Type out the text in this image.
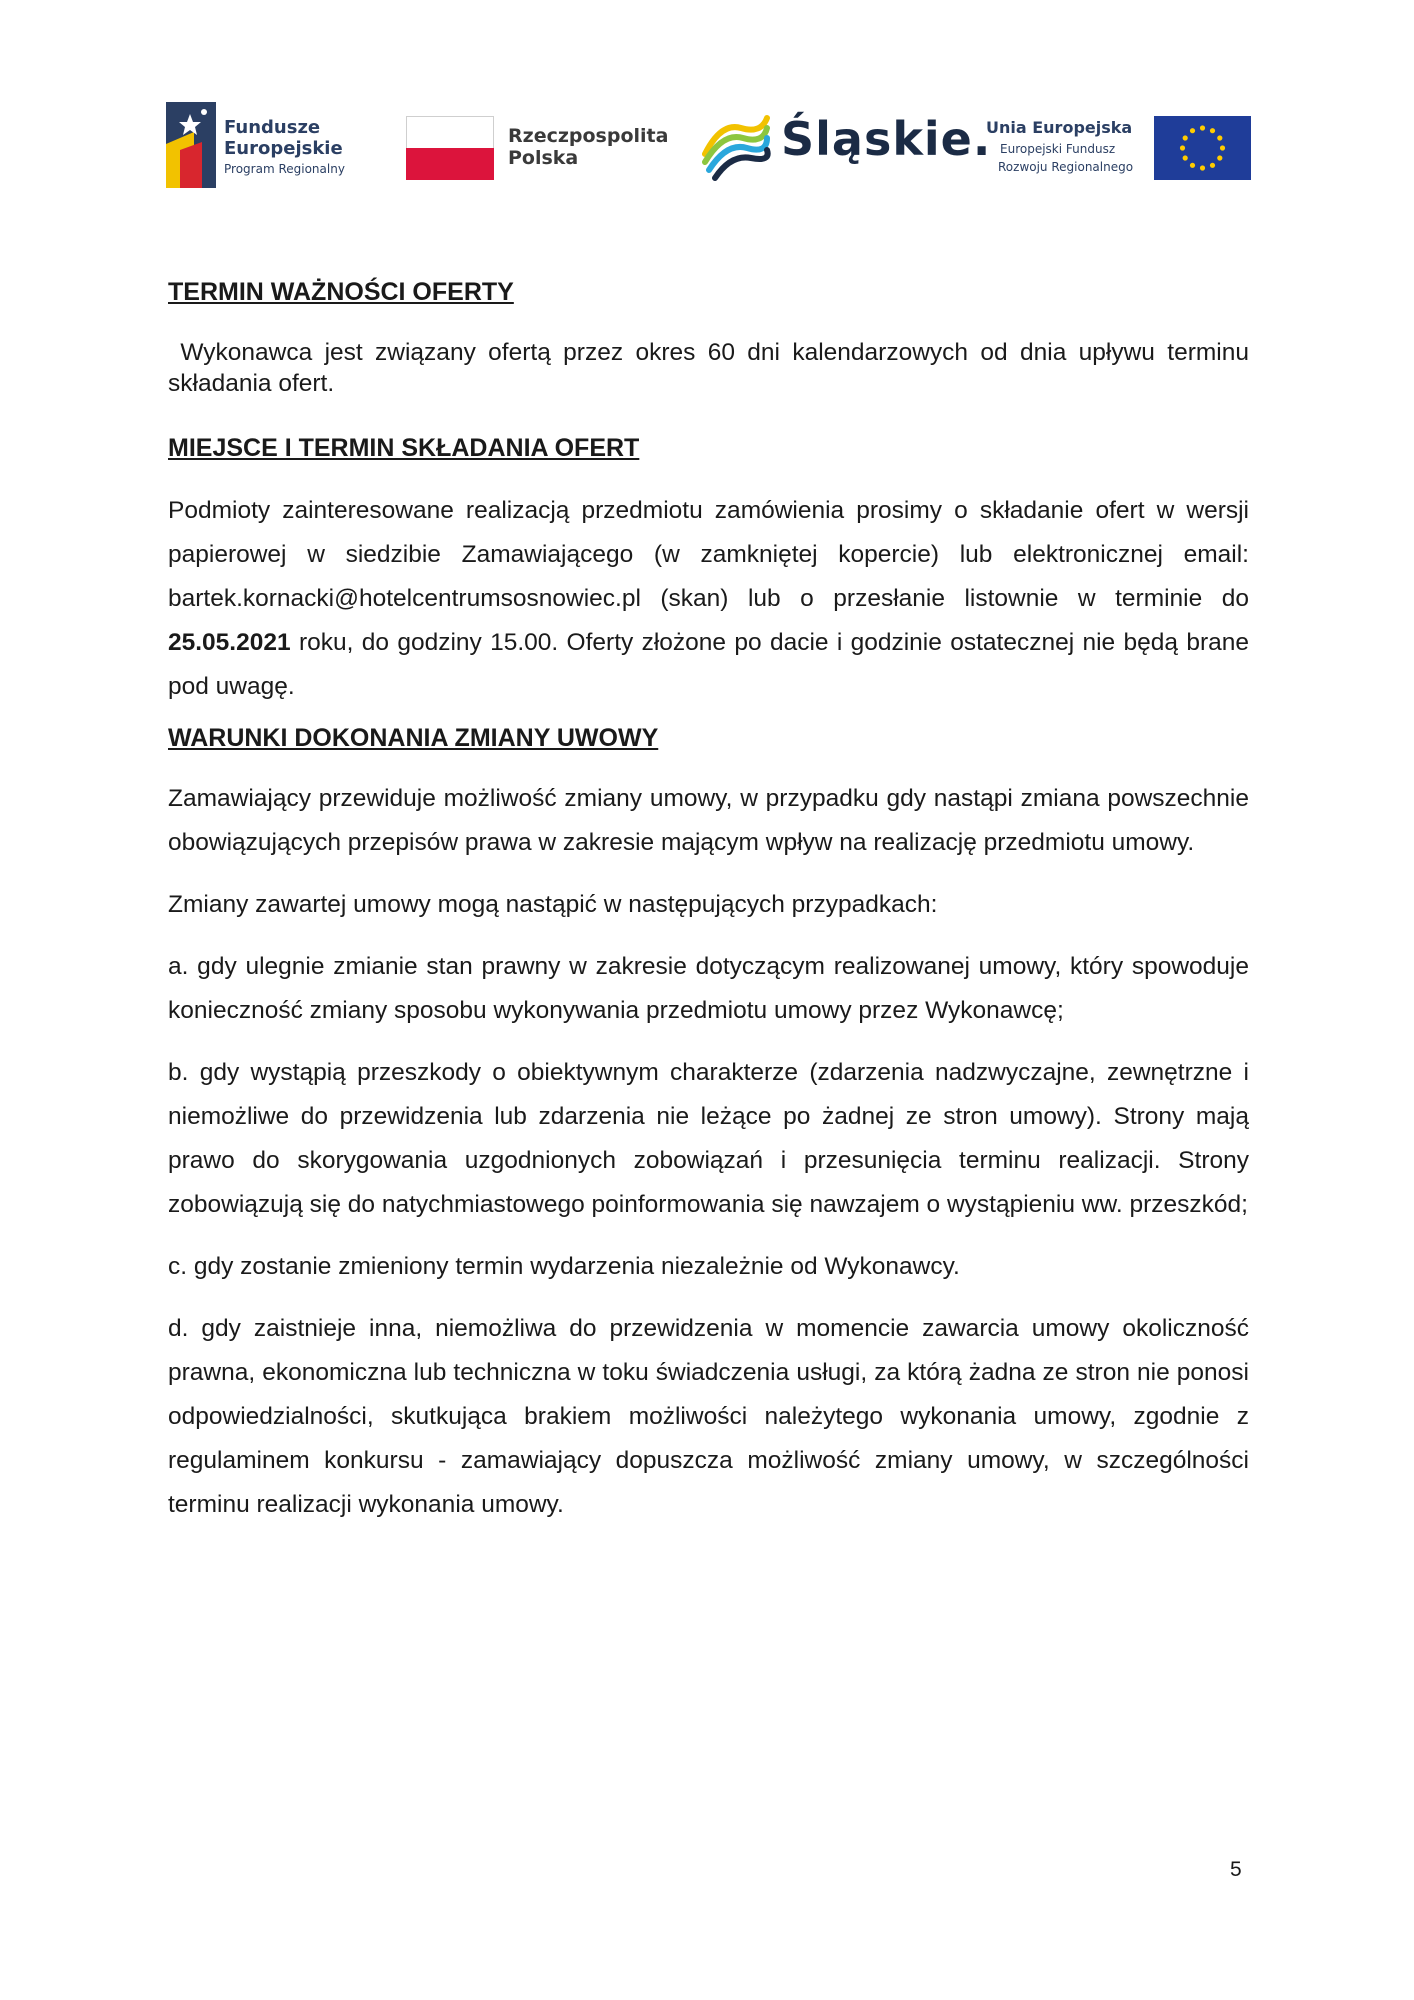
Fundusze
Europejskie
Program Regionalny
Rzeczpospolita
Polska	Śląskie.
Unia Europejska
Europejski Fundusz
Rozwoju Regionalnego
TERMIN WAŻNOŚCI OFERTY

Wykonawca jest związany ofertą przez okres 60 dni kalendarzowych od dnia upływu terminu składania ofert.

MIEJSCE I TERMIN SKŁADANIA OFERT

Podmioty zainteresowane realizacją przedmiotu zamówienia prosimy o składanie ofert w wersji papierowej w siedzibie Zamawiającego (w zamkniętej kopercie) lub elektronicznej email: bartek.kornacki@hotelcentrumsosnowiec.pl (skan) lub o przesłanie listownie w terminie do 25.05.2021 roku, do godziny 15.00. Oferty złożone po dacie i godzinie ostatecznej nie będą brane pod uwagę.

WARUNKI DOKONANIA ZMIANY UWOWY

Zamawiający przewiduje możliwość zmiany umowy, w przypadku gdy nastąpi zmiana powszechnie obowiązujących przepisów prawa w zakresie mającym wpływ na realizację przedmiotu umowy.

Zmiany zawartej umowy mogą nastąpić w następujących przypadkach:

a. gdy ulegnie zmianie stan prawny w zakresie dotyczącym realizowanej umowy, który spowoduje konieczność zmiany sposobu wykonywania przedmiotu umowy przez Wykonawcę;

b. gdy wystąpią przeszkody o obiektywnym charakterze (zdarzenia nadzwyczajne, zewnętrzne i niemożliwe do przewidzenia lub zdarzenia nie leżące po żadnej ze stron umowy). Strony mają prawo do skorygowania uzgodnionych zobowiązań i przesunięcia terminu realizacji. Strony zobowiązują się do natychmiastowego poinformowania się nawzajem o wystąpieniu ww. przeszkód;

c. gdy zostanie zmieniony termin wydarzenia niezależnie od Wykonawcy.

d. gdy zaistnieje inna, niemożliwa do przewidzenia w momencie zawarcia umowy okoliczność prawna, ekonomiczna lub techniczna w toku świadczenia usługi, za którą żadna ze stron nie ponosi odpowiedzialności, skutkująca brakiem możliwości należytego wykonania umowy, zgodnie z regulaminem konkursu - zamawiający dopuszcza możliwość zmiany umowy, w szczególności terminu realizacji wykonania umowy.

5
